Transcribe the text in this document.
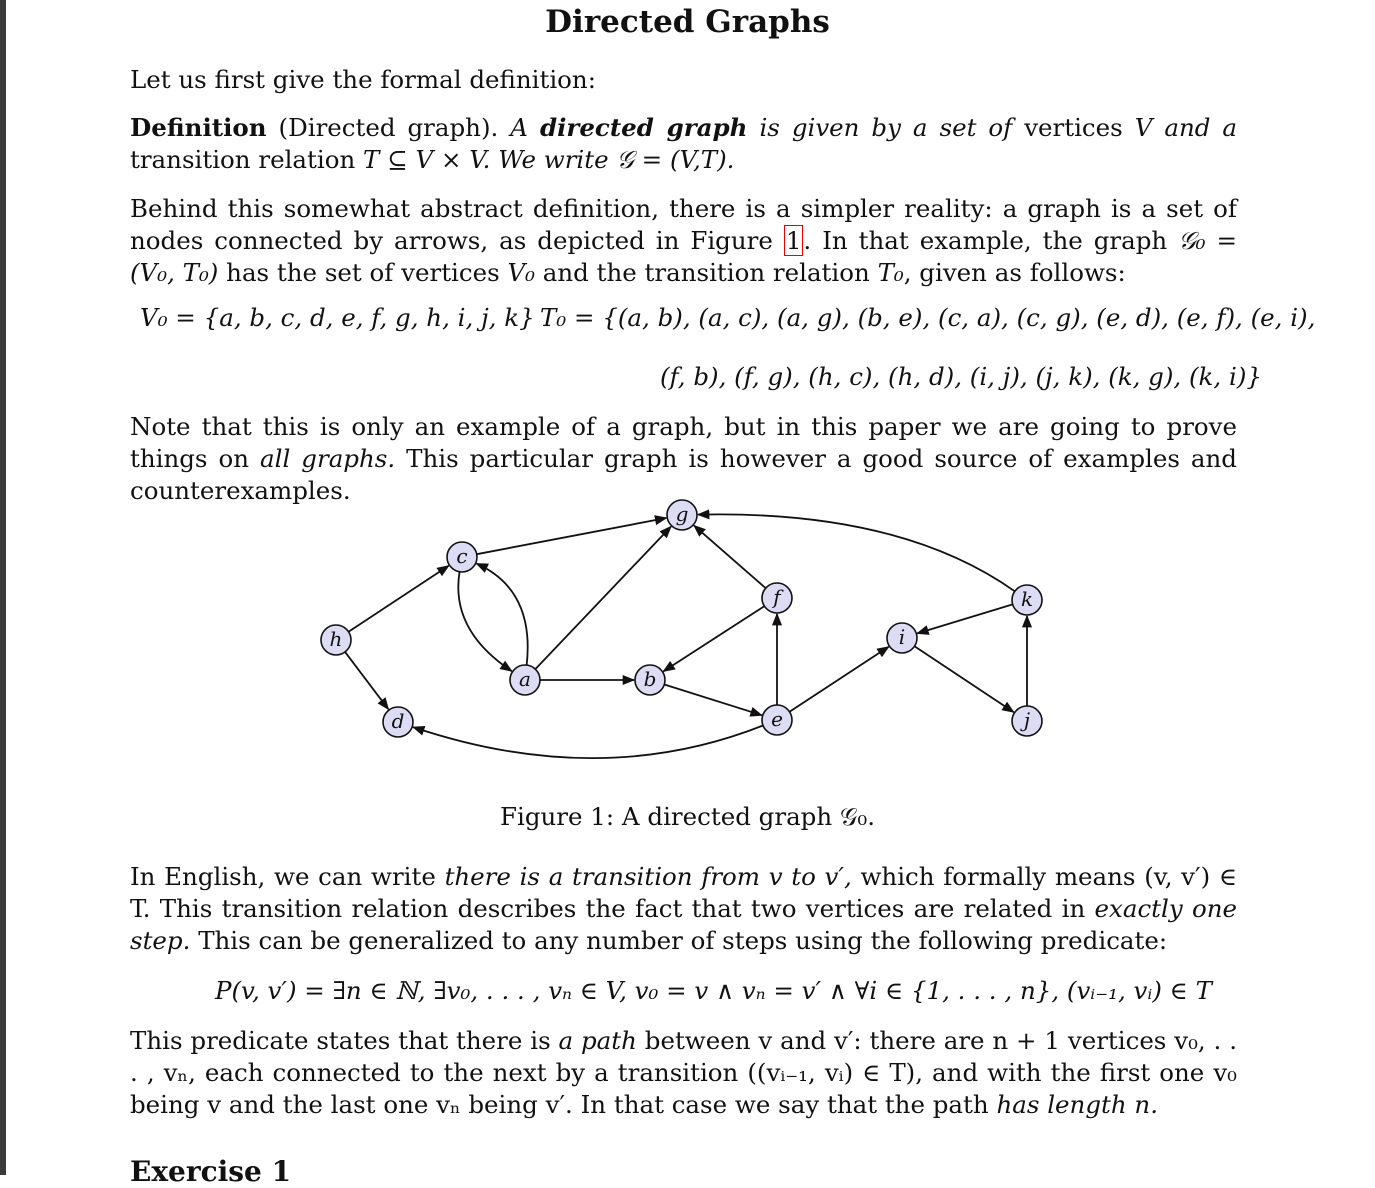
Directed Graphs
Let us first give the formal definition:
Definition (Directed graph). A directed graph is given by a set of vertices V and a transition relation T ⊆ V × V. We write 𝒢 = (V,T).
Behind this somewhat abstract definition, there is a simpler reality: a graph is a set of nodes connected by arrows, as depicted in Figure 1. In that example, the graph 𝒢₀ = (V₀, T₀) has the set of vertices V₀ and the transition relation T₀, given as follows:
V₀ = {a, b, c, d, e, f, g, h, i, j, k} T₀ = {(a, b), (a, c), (a, g), (b, e), (c, a), (c, g), (e, d), (e, f), (e, i),
(f, b), (f, g), (h, c), (h, d), (i, j), (j, k), (k, g), (k, i)}
Note that this is only an example of a graph, but in this paper we are going to prove things on all graphs. This particular graph is however a good source of examples and counterexamples.
a	b
c
d	e
f
g
h	i
j
k
Figure 1: A directed graph 𝒢₀.
In English, we can write there is a transition from v to v′, which formally means (v, v′) ∈ T. This transition relation describes the fact that two vertices are related in exactly one step. This can be generalized to any number of steps using the following predicate:
P(v, v′) = ∃n ∈ ℕ, ∃v₀, . . . , vₙ ∈ V, v₀ = v ∧ vₙ = v′ ∧ ∀i ∈ {1, . . . , n}, (vᵢ₋₁, vᵢ) ∈ T
This predicate states that there is a path between v and v′: there are n + 1 vertices v₀, . . . , vₙ, each connected to the next by a transition ((vᵢ₋₁, vᵢ) ∈ T), and with the first one v₀ being v and the last one vₙ being v′. In that case we say that the path has length n.
Exercise 1
